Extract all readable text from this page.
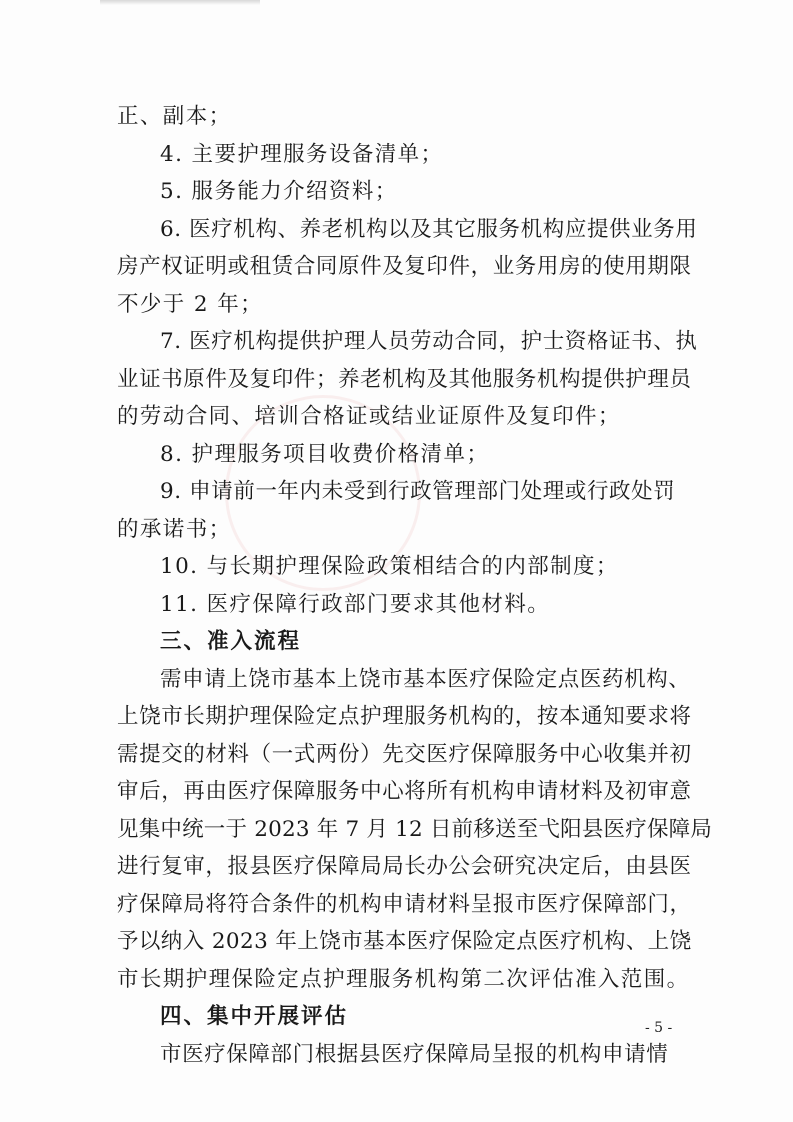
正、副本；
4. 主要护理服务设备清单；
5. 服务能力介绍资料；
6. 医疗机构、养老机构以及其它服务机构应提供业务用
房产权证明或租赁合同原件及复印件，业务用房的使用期限
不少于 2 年；
7. 医疗机构提供护理人员劳动合同，护士资格证书、执
业证书原件及复印件；养老机构及其他服务机构提供护理员
的劳动合同、培训合格证或结业证原件及复印件；
8. 护理服务项目收费价格清单；
9. 申请前一年内未受到行政管理部门处理或行政处罚
的承诺书；
10. 与长期护理保险政策相结合的内部制度；
11. 医疗保障行政部门要求其他材料。
三、准入流程
需申请上饶市基本上饶市基本医疗保险定点医药机构、
上饶市长期护理保险定点护理服务机构的，按本通知要求将
需提交的材料（一式两份）先交医疗保障服务中心收集并初
审后，再由医疗保障服务中心将所有机构申请材料及初审意
见集中统一于 2023 年 7 月 12 日前移送至弋阳县医疗保障局
进行复审，报县医疗保障局局长办公会研究决定后，由县医
疗保障局将符合条件的机构申请材料呈报市医疗保障部门，
予以纳入 2023 年上饶市基本医疗保险定点医疗机构、上饶
市长期护理保险定点护理服务机构第二次评估准入范围。
四、集中开展评估
市医疗保障部门根据县医疗保障局呈报的机构申请情
- 5 -
